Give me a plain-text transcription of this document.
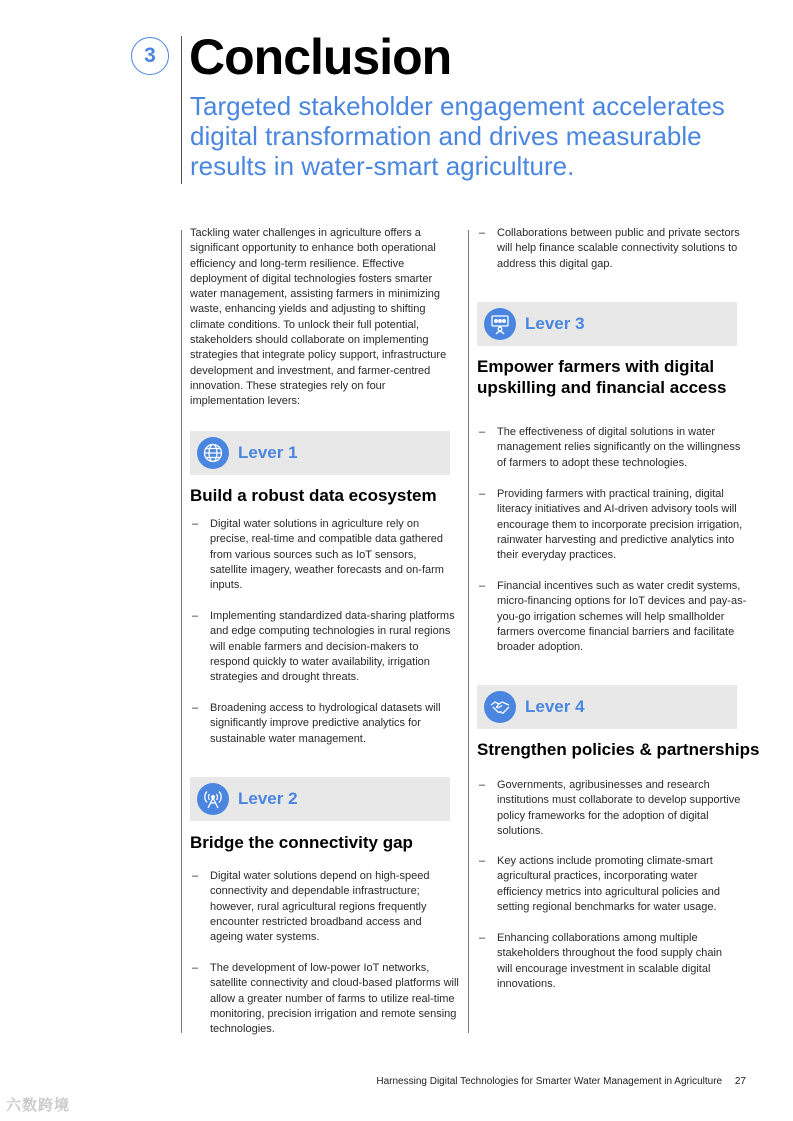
3 Conclusion
Targeted stakeholder engagement accelerates digital transformation and drives measurable results in water-smart agriculture.
Tackling water challenges in agriculture offers a significant opportunity to enhance both operational efficiency and long-term resilience. Effective deployment of digital technologies fosters smarter water management, assisting farmers in minimizing waste, enhancing yields and adjusting to shifting climate conditions. To unlock their full potential, stakeholders should collaborate on implementing strategies that integrate policy support, infrastructure development and investment, and farmer-centred innovation. These strategies rely on four implementation levers:
Lever 1
Build a robust data ecosystem
– Digital water solutions in agriculture rely on precise, real-time and compatible data gathered from various sources such as IoT sensors, satellite imagery, weather forecasts and on-farm inputs.
– Implementing standardized data-sharing platforms and edge computing technologies in rural regions will enable farmers and decision-makers to respond quickly to water availability, irrigation strategies and drought threats.
– Broadening access to hydrological datasets will significantly improve predictive analytics for sustainable water management.
Lever 2
Bridge the connectivity gap
– Digital water solutions depend on high-speed connectivity and dependable infrastructure; however, rural agricultural regions frequently encounter restricted broadband access and ageing water systems.
– The development of low-power IoT networks, satellite connectivity and cloud-based platforms will allow a greater number of farms to utilize real-time monitoring, precision irrigation and remote sensing technologies.
– Collaborations between public and private sectors will help finance scalable connectivity solutions to address this digital gap.
Lever 3
Empower farmers with digital upskilling and financial access
– The effectiveness of digital solutions in water management relies significantly on the willingness of farmers to adopt these technologies.
– Providing farmers with practical training, digital literacy initiatives and AI-driven advisory tools will encourage them to incorporate precision irrigation, rainwater harvesting and predictive analytics into their everyday practices.
– Financial incentives such as water credit systems, micro-financing options for IoT devices and pay-as-you-go irrigation schemes will help smallholder farmers overcome financial barriers and facilitate broader adoption.
Lever 4
Strengthen policies & partnerships
– Governments, agribusinesses and research institutions must collaborate to develop supportive policy frameworks for the adoption of digital solutions.
– Key actions include promoting climate-smart agricultural practices, incorporating water efficiency metrics into agricultural policies and setting regional benchmarks for water usage.
– Enhancing collaborations among multiple stakeholders throughout the food supply chain will encourage investment in scalable digital innovations.
Harnessing Digital Technologies for Smarter Water Management in Agriculture 27
六数跨境
